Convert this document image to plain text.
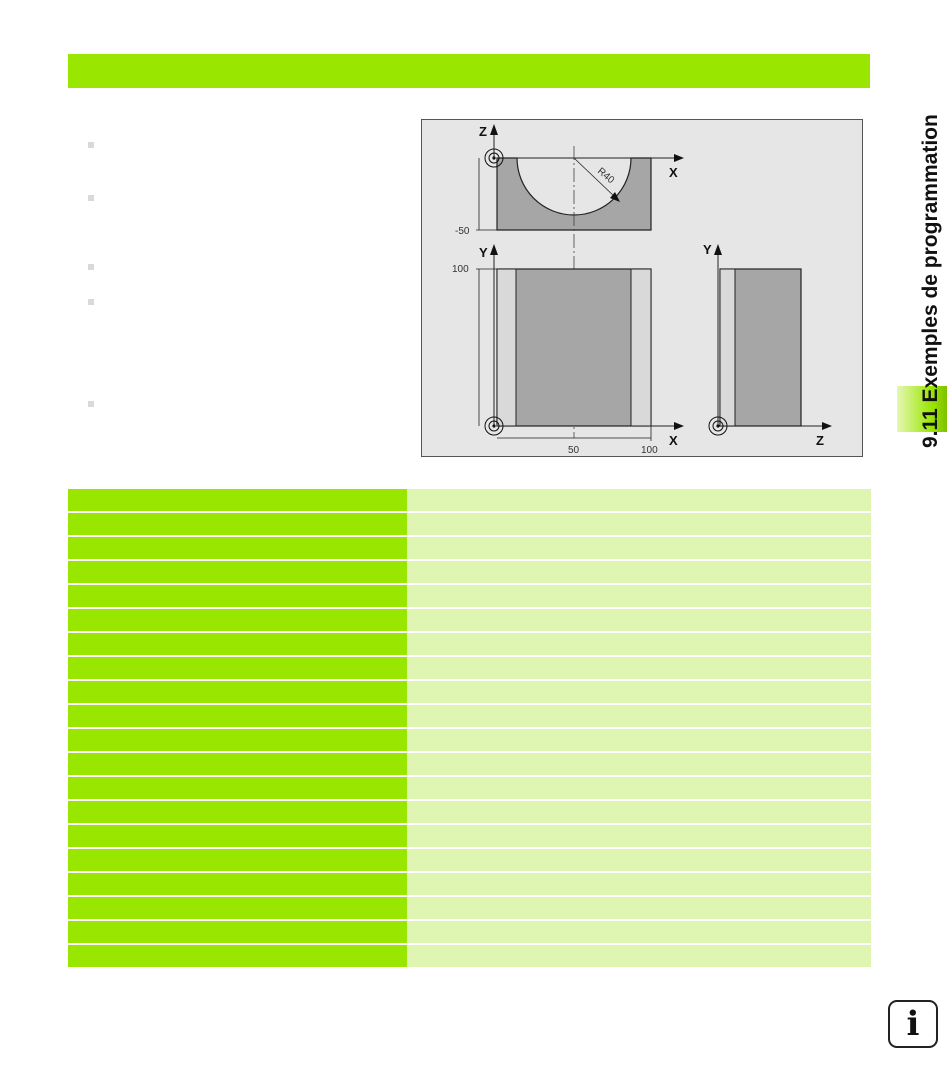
X
Z
-50
R40
X
Y
100
50	100
Z
Y
9.11 Exemples de programmation
i
